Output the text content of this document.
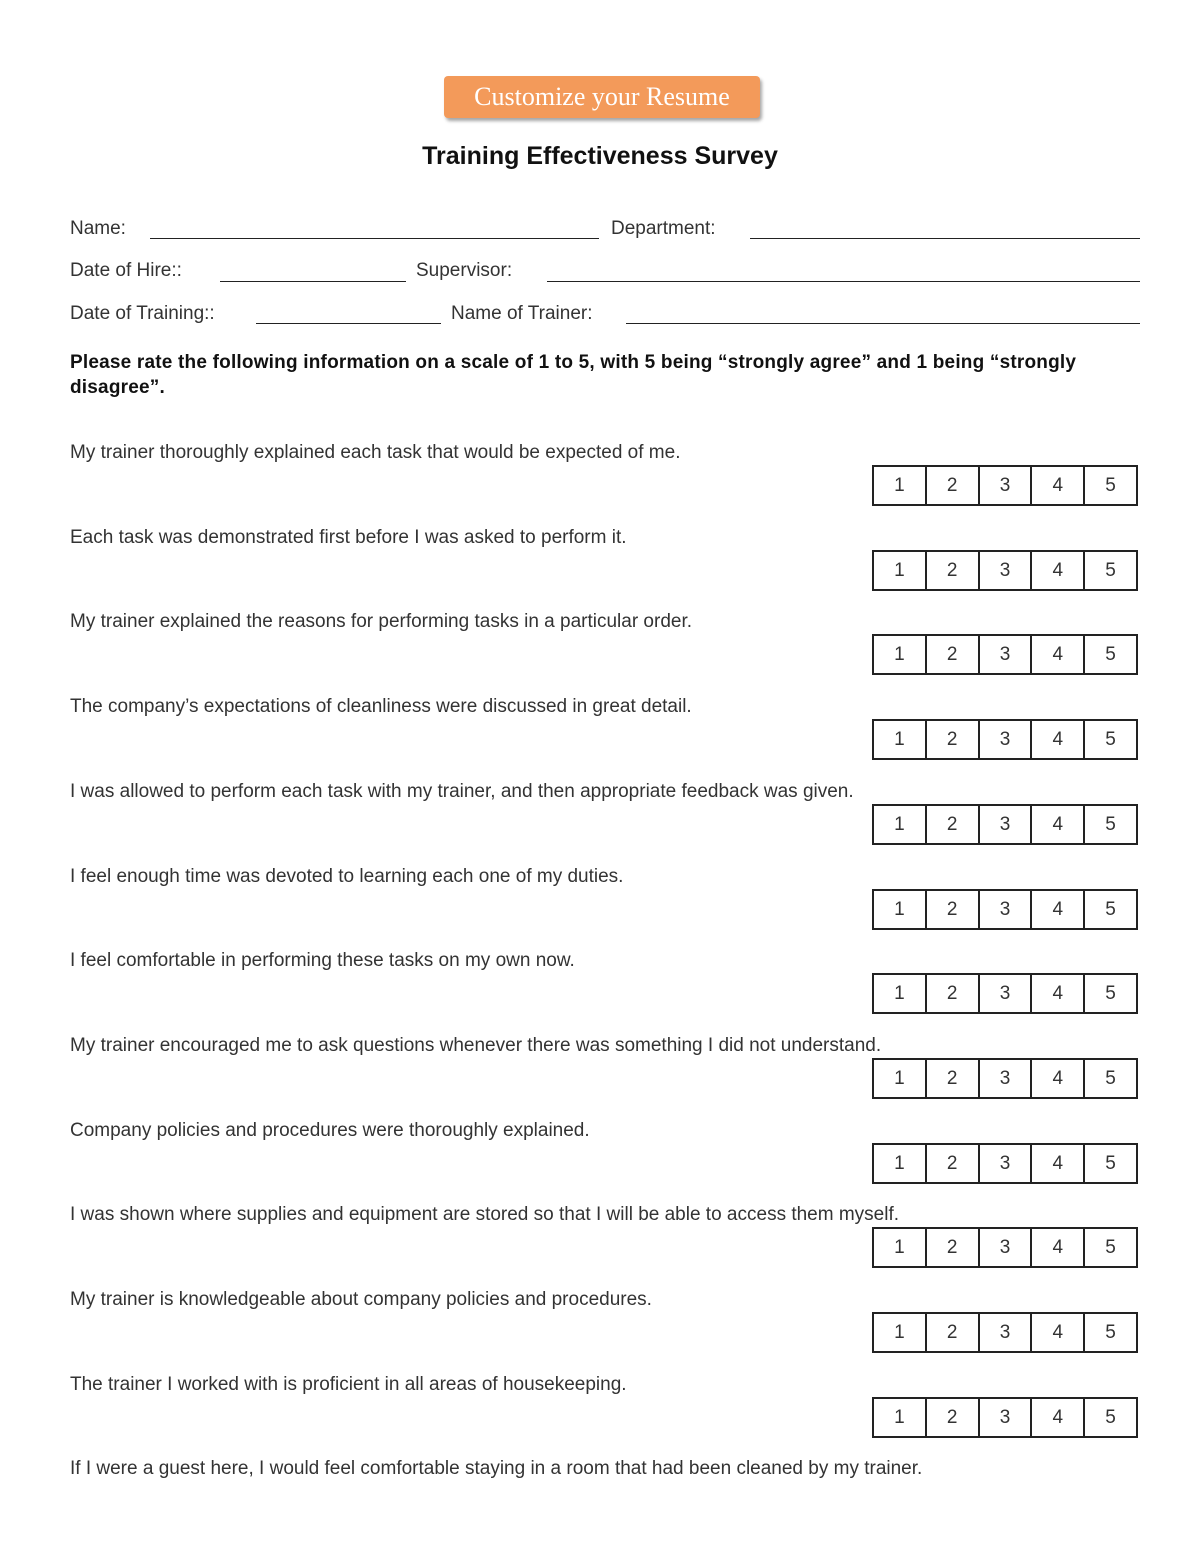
Customize your Resume
Training Effectiveness Survey
Name:	Department:
Date of Hire::	Supervisor:
Date of Training::	Name of Trainer:
Please rate the following information on a scale of 1 to 5, with 5 being “strongly agree” and 1 being “strongly disagree”.
My trainer thoroughly explained each task that would be expected of me.
1	2	3	4	5
Each task was demonstrated first before I was asked to perform it.
1	2	3	4	5
My trainer explained the reasons for performing tasks in a particular order.
1	2	3	4	5
The company’s expectations of cleanliness were discussed in great detail.
1	2	3	4	5
I was allowed to perform each task with my trainer, and then appropriate feedback was given.
1	2	3	4	5
I feel enough time was devoted to learning each one of my duties.
1	2	3	4	5
I feel comfortable in performing these tasks on my own now.
1	2	3	4	5
My trainer encouraged me to ask questions whenever there was something I did not understand.
1	2	3	4	5
Company policies and procedures were thoroughly explained.
1	2	3	4	5
I was shown where supplies and equipment are stored so that I will be able to access them myself.
1	2	3	4	5
My trainer is knowledgeable about company policies and procedures.
1	2	3	4	5
The trainer I worked with is proficient in all areas of housekeeping.
1	2	3	4	5
If I were a guest here, I would feel comfortable staying in a room that had been cleaned by my trainer.
